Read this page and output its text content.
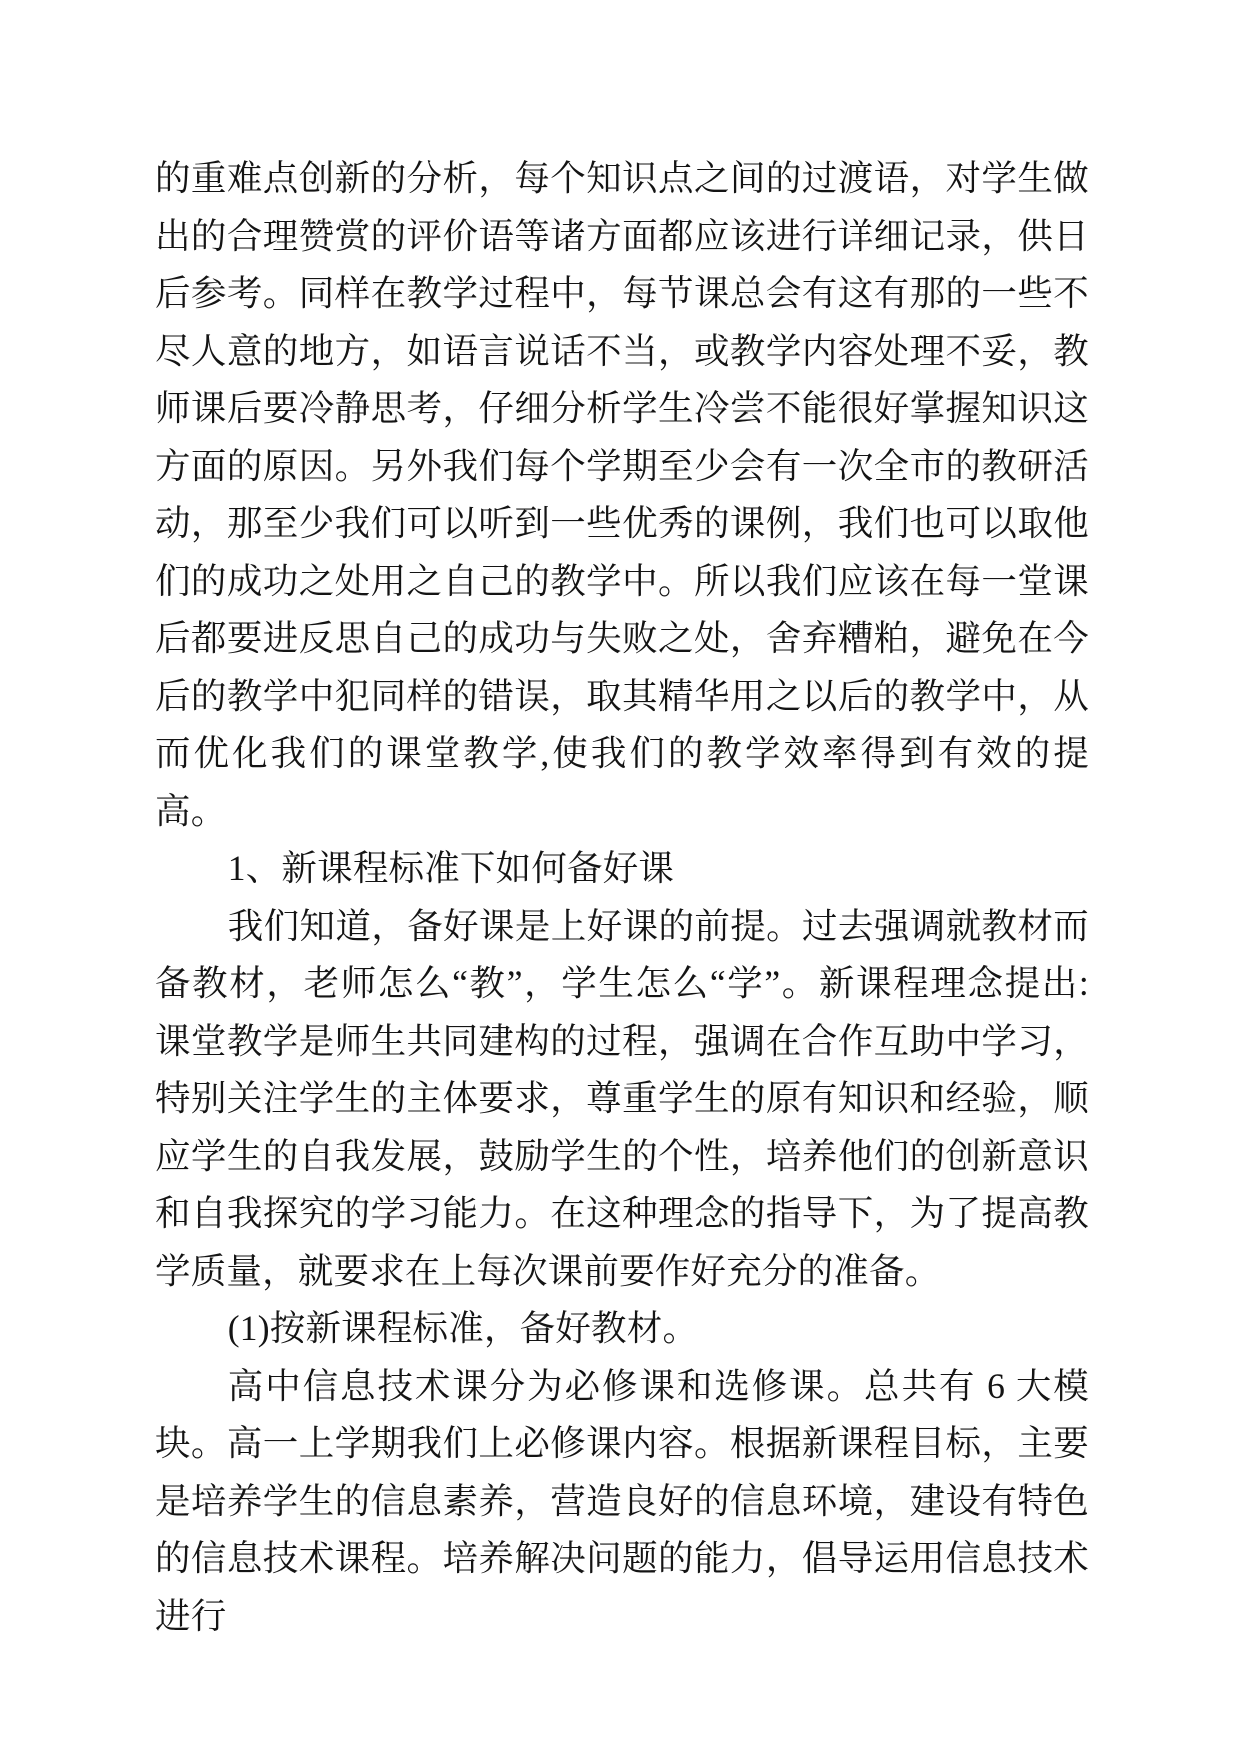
的重难点创新的分析，每个知识点之间的过渡语，对学生做出的合理赞赏的评价语等诸方面都应该进行详细记录，供日后参考。同样在教学过程中，每节课总会有这有那的一些不尽人意的地方，如语言说话不当，或教学内容处理不妥，教师课后要冷静思考，仔细分析学生冷尝不能很好掌握知识这方面的原因。另外我们每个学期至少会有一次全市的教研活动，那至少我们可以听到一些优秀的课例，我们也可以取他们的成功之处用之自己的教学中。所以我们应该在每一堂课后都要进反思自己的成功与失败之处，舍弃糟粕，避免在今后的教学中犯同样的错误，取其精华用之以后的教学中，从而优化我们的课堂教学,使我们的教学效率得到有效的提高。

1、新课程标准下如何备好课

我们知道，备好课是上好课的前提。过去强调就教材而备教材，老师怎么“教”，学生怎么“学”。新课程理念提出: 课堂教学是师生共同建构的过程，强调在合作互助中学习，特别关注学生的主体要求，尊重学生的原有知识和经验，顺应学生的自我发展，鼓励学生的个性，培养他们的创新意识和自我探究的学习能力。在这种理念的指导下，为了提高教学质量，就要求在上每次课前要作好充分的准备。

(1)按新课程标准，备好教材。

高中信息技术课分为必修课和选修课。总共有 6 大模块。高一上学期我们上必修课内容。根据新课程目标，主要是培养学生的信息素养，营造良好的信息环境，建设有特色的信息技术课程。培养解决问题的能力，倡导运用信息技术进行
